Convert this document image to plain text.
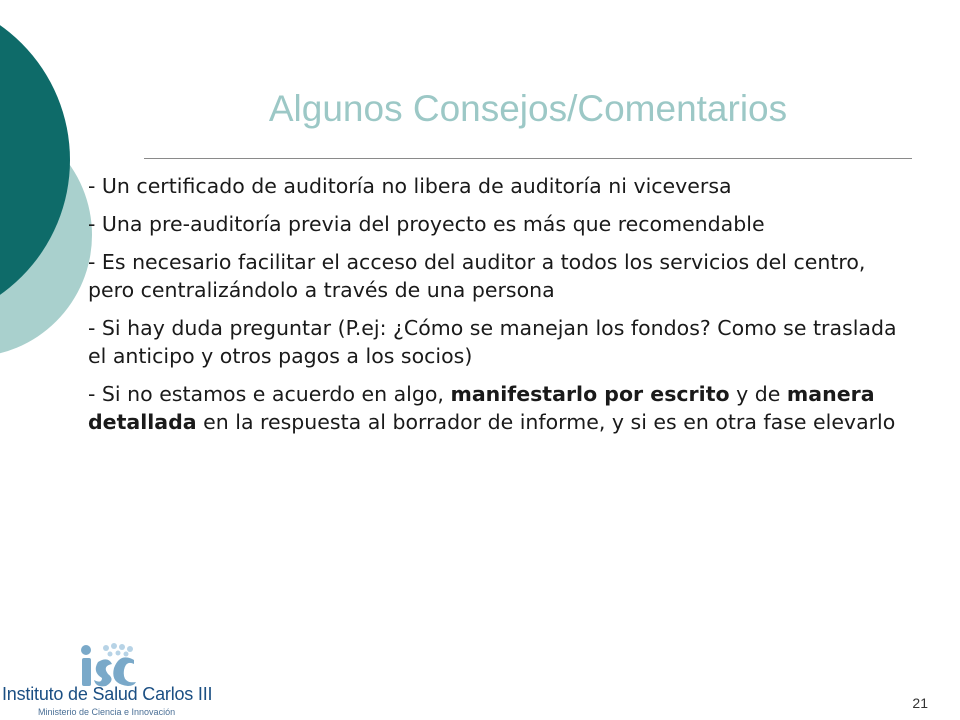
Algunos Consejos/Comentarios

- Un certificado de auditoría no libera de auditoría ni viceversa

- Una pre-auditoría previa del proyecto es más que recomendable

- Es necesario facilitar el acceso del auditor a todos los servicios del centro, pero centralizándolo a través de una persona

- Si hay duda preguntar (P.ej: ¿Cómo se manejan los fondos? Como se traslada el anticipo y otros pagos a los socios)

- Si no estamos e acuerdo en algo, manifestarlo por escrito y de manera detallada en la respuesta al borrador de informe, y si es en otra fase elevarlo

Instituto de Salud Carlos III
Ministerio de Ciencia e Innovación
21
